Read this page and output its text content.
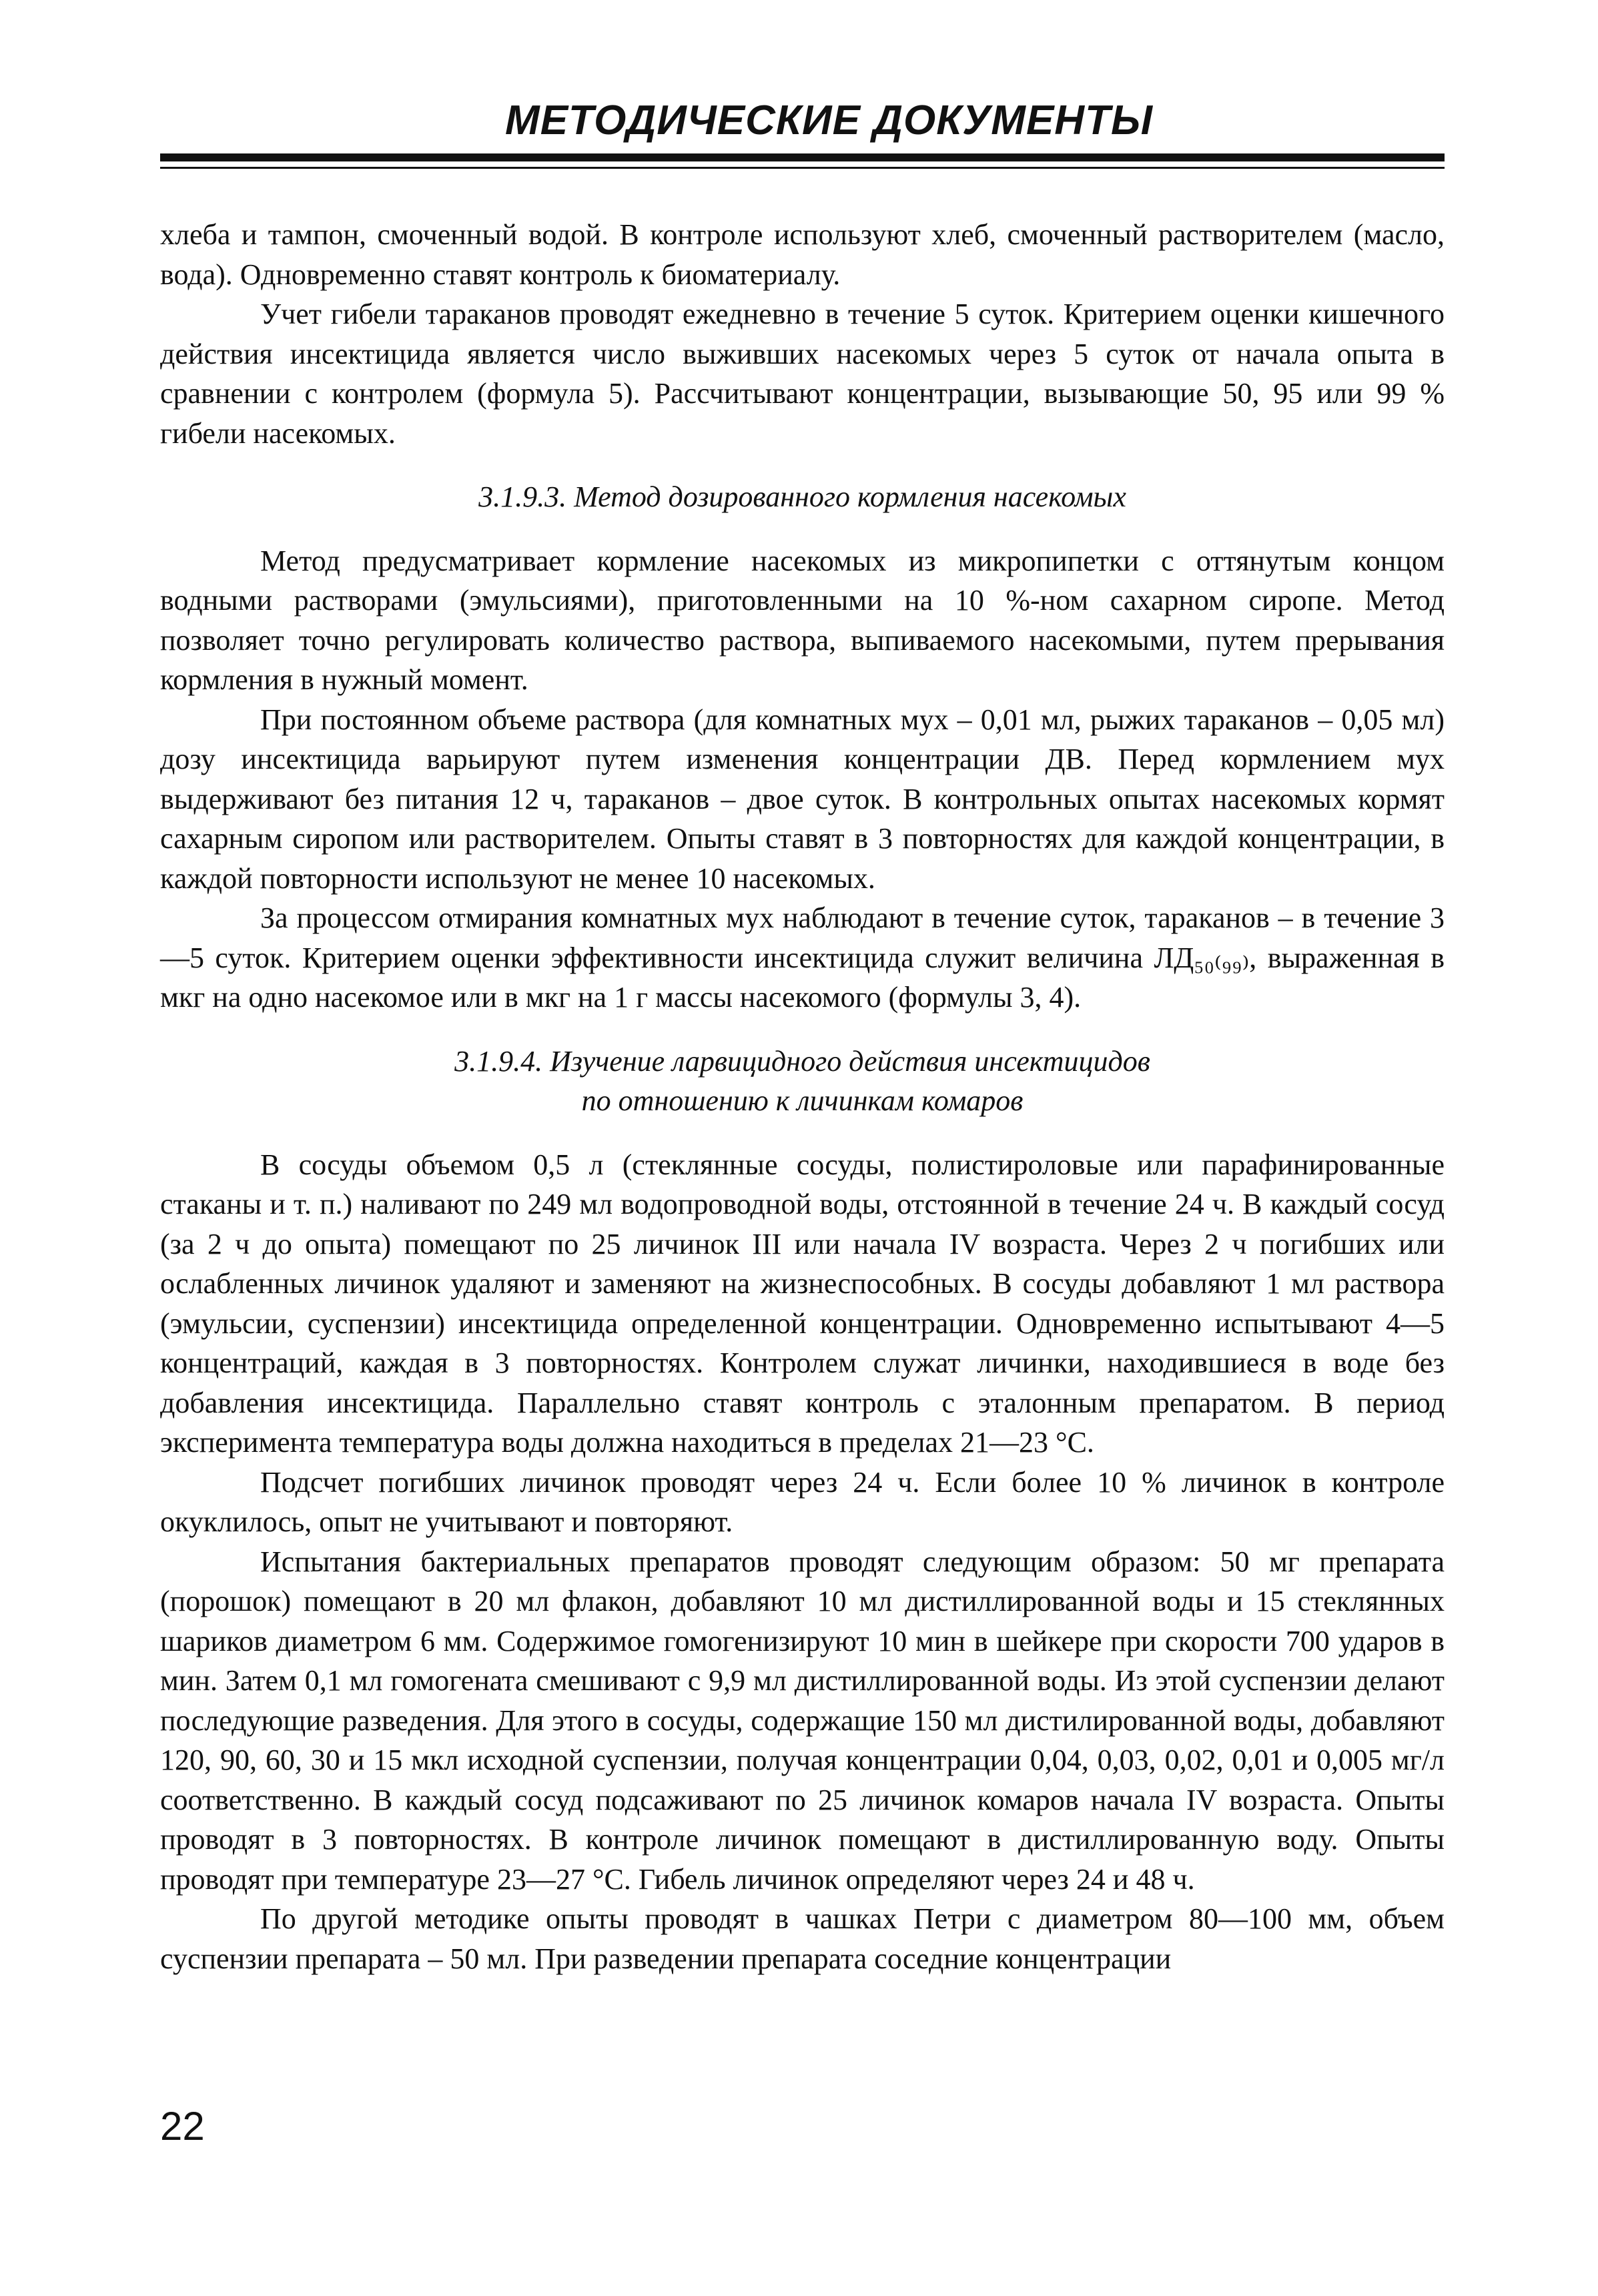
МЕТОДИЧЕСКИЕ ДОКУМЕНТЫ

хлеба и тампон, смоченный водой. В контроле используют хлеб, смоченный растворителем (масло, вода). Одновременно ставят контроль к биоматериалу.

Учет гибели тараканов проводят ежедневно в течение 5 суток. Критерием оценки кишечного действия инсектицида является число выживших насекомых через 5 суток от начала опыта в сравнении с контролем (формула 5). Рассчитывают концентрации, вызывающие 50, 95 или 99 % гибели насекомых.

3.1.9.3. Метод дозированного кормления насекомых

Метод предусматривает кормление насекомых из микропипетки с оттянутым концом водными растворами (эмульсиями), приготовленными на 10 %-ном сахарном сиропе. Метод позволяет точно регулировать количество раствора, выпиваемого насекомыми, путем прерывания кормления в нужный момент.

При постоянном объеме раствора (для комнатных мух – 0,01 мл, рыжих тараканов – 0,05 мл) дозу инсектицида варьируют путем изменения концентрации ДВ. Перед кормлением мух выдерживают без питания 12 ч, тараканов – двое суток. В контрольных опытах насекомых кормят сахарным сиропом или растворителем. Опыты ставят в 3 повторностях для каждой концентрации, в каждой повторности используют не менее 10 насекомых.

За процессом отмирания комнатных мух наблюдают в течение суток, тараканов – в течение 3—5 суток. Критерием оценки эффективности инсектицида служит величина ЛД₅₀₍₉₉₎, выраженная в мкг на одно насекомое или в мкг на 1 г массы насекомого (формулы 3, 4).

3.1.9.4. Изучение ларвицидного действия инсектицидов
по отношению к личинкам комаров

В сосуды объемом 0,5 л (стеклянные сосуды, полистироловые или парафинированные стаканы и т. п.) наливают по 249 мл водопроводной воды, отстоянной в течение 24 ч. В каждый сосуд (за 2 ч до опыта) помещают по 25 личинок III или начала IV возраста. Через 2 ч погибших или ослабленных личинок удаляют и заменяют на жизнеспособных. В сосуды добавляют 1 мл раствора (эмульсии, суспензии) инсектицида определенной концентрации. Одновременно испытывают 4—5 концентраций, каждая в 3 повторностях. Контролем служат личинки, находившиеся в воде без добавления инсектицида. Параллельно ставят контроль с эталонным препаратом. В период эксперимента температура воды должна находиться в пределах 21—23 °С.

Подсчет погибших личинок проводят через 24 ч. Если более 10 % личинок в контроле окуклилось, опыт не учитывают и повторяют.

Испытания бактериальных препаратов проводят следующим образом: 50 мг препарата (порошок) помещают в 20 мл флакон, добавляют 10 мл дистиллированной воды и 15 стеклянных шариков диаметром 6 мм. Содержимое гомогенизируют 10 мин в шейкере при скорости 700 ударов в мин. Затем 0,1 мл гомогената смешивают с 9,9 мл дистиллированной воды. Из этой суспензии делают последующие разведения. Для этого в сосуды, содержащие 150 мл дистилированной воды, добавляют 120, 90, 60, 30 и 15 мкл исходной суспензии, получая концентрации 0,04, 0,03, 0,02, 0,01 и 0,005 мг/л соответственно. В каждый сосуд подсаживают по 25 личинок комаров начала IV возраста. Опыты проводят в 3 повторностях. В контроле личинок помещают в дистиллированную воду. Опыты проводят при температуре 23—27 °С. Гибель личинок определяют через 24 и 48 ч.

По другой методике опыты проводят в чашках Петри с диаметром 80—100 мм, объем суспензии препарата – 50 мл. При разведении препарата соседние концентрации

22
